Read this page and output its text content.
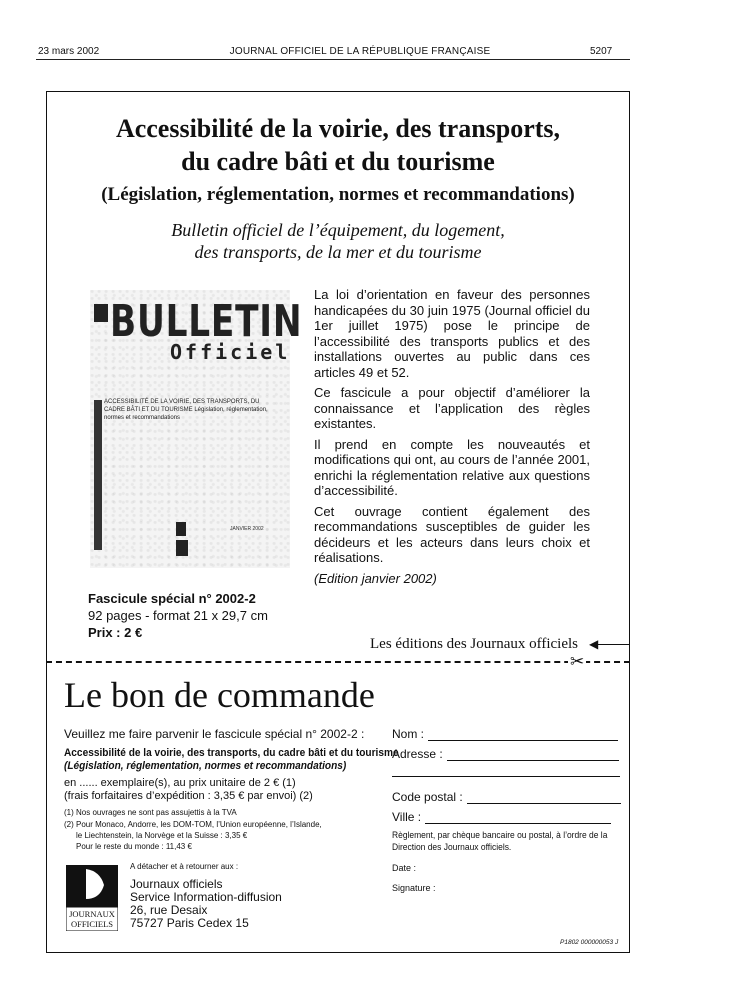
23 mars 2002	JOURNAL OFFICIEL DE LA RÉPUBLIQUE FRANÇAISE	5207
Accessibilité de la voirie, des transports,
du cadre bâti et du tourisme
(Législation, réglementation, normes et recommandations)
Bulletin officiel de l’équipement, du logement,
des transports, de la mer et du tourisme
BULLETIN
Officiel
ACCESSIBILITÉ DE LA VOIRIE, DES TRANSPORTS, DU CADRE BÂTI ET DU TOURISME Législation, réglementation, normes et recommandations
JANVIER 2002

La loi d’orientation en faveur des personnes handicapées du 30 juin 1975 (Journal officiel du 1er juillet 1975) pose le principe de l’accessibilité des transports publics et des installations ouvertes au public dans ces articles 49 et 52.

Ce fascicule a pour objectif d’améliorer la connaissance et l’application des règles existantes.

Il prend en compte les nouveautés et modifications qui ont, au cours de l’année 2001, enrichi la réglementation relative aux questions d’accessibilité.

Cet ouvrage contient également des recommandations susceptibles de guider les décideurs et les acteurs dans leurs choix et réalisations.

(Edition janvier 2002)

Fascicule spécial n° 2002-2
92 pages - format 21 x 29,7 cm
Prix : 2 €
Les éditions des Journaux officiels ◀
✂
Le bon de commande
Veuillez me faire parvenir le fascicule spécial n° 2002-2 :
Accessibilité de la voirie, des transports, du cadre bâti et du tourisme
(Législation, réglementation, normes et recommandations)
en ...... exemplaire(s), au prix unitaire de 2 € (1)
(frais forfaitaires d’expédition : 3,35 € par envoi) (2)
(1) Nos ouvrages ne sont pas assujettis à la TVA
(2) Pour Monaco, Andorre, les DOM-TOM, l’Union européenne, l’Islande,
le Liechtenstein, la Norvège et la Suisse : 3,35 €
Pour le reste du monde : 11,43 €
A détacher et à retourner aux :
Journaux officiels
Service Information-diffusion
26, rue Desaix
75727 Paris Cedex 15
JOURNAUX
OFFICIELS
Nom :
Adresse :
Code postal :
Ville :
Règlement, par chèque bancaire ou postal, à l’ordre de la Direction des Journaux officiels.
Date :
Signature :
P1802 000000053 J
